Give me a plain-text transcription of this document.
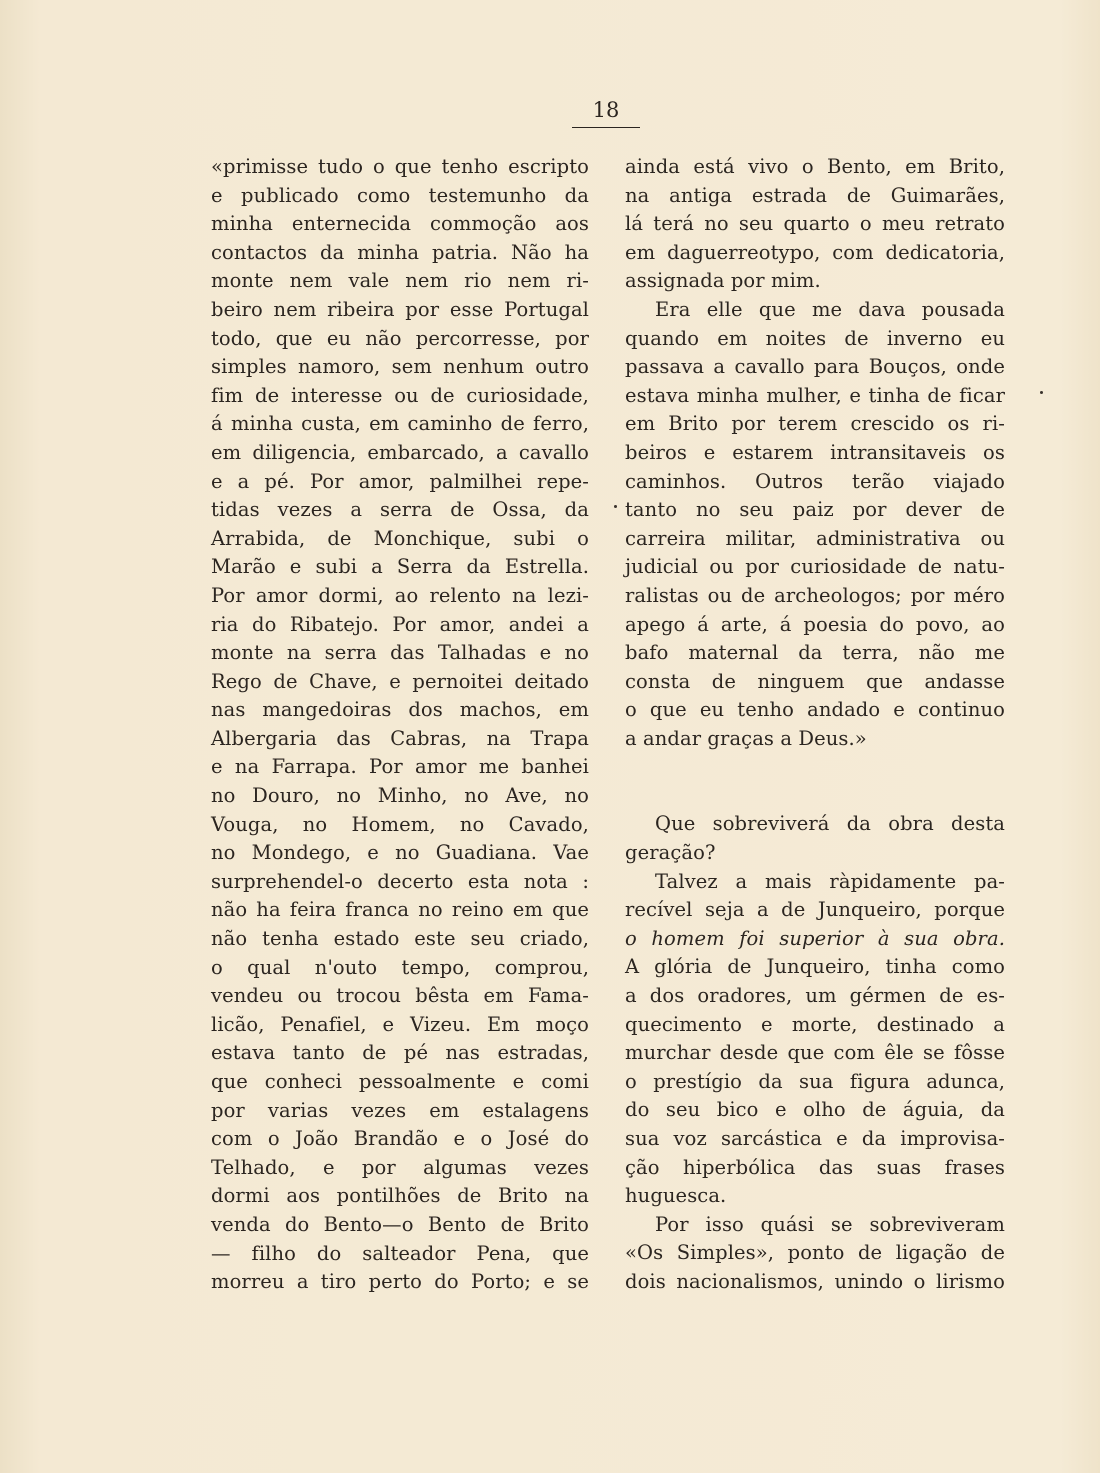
18
«primisse tudo o que tenho escripto
e publicado como testemunho da
minha enternecida commoção aos
contactos da minha patria. Não ha
monte nem vale nem rio nem ri-
beiro nem ribeira por esse Portugal
todo, que eu não percorresse, por
simples namoro, sem nenhum outro
fim de interesse ou de curiosidade,
á minha custa, em caminho de ferro,
em diligencia, embarcado, a cavallo
e a pé. Por amor, palmilhei repe-
tidas vezes a serra de Ossa, da
Arrabida, de Monchique, subi o
Marão e subi a Serra da Estrella.
Por amor dormi, ao relento na lezi-
ria do Ribatejo. Por amor, andei a
monte na serra das Talhadas e no
Rego de Chave, e pernoitei deitado
nas mangedoiras dos machos, em
Albergaria das Cabras, na Trapa
e na Farrapa. Por amor me banhei
no Douro, no Minho, no Ave, no
Vouga, no Homem, no Cavado,
no Mondego, e no Guadiana. Vae
surprehendel-o decerto esta nota :
não ha feira franca no reino em que
não tenha estado este seu criado,
o qual n'outo tempo, comprou,
vendeu ou trocou bêsta em Fama-
licão, Penafiel, e Vizeu. Em moço
estava tanto de pé nas estradas,
que conheci pessoalmente e comi
por varias vezes em estalagens
com o João Brandão e o José do
Telhado, e por algumas vezes
dormi aos pontilhões de Brito na
venda do Bento—o Bento de Brito
— filho do salteador Pena, que
morreu a tiro perto do Porto; e se
ainda está vivo o Bento, em Brito,
na antiga estrada de Guimarães,
lá terá no seu quarto o meu retrato
em daguerreotypo, com dedicatoria,
assignada por mim.
Era elle que me dava pousada
quando em noites de inverno eu
passava a cavallo para Bouços, onde
estava minha mulher, e tinha de ficar
em Brito por terem crescido os ri-
beiros e estarem intransitaveis os
caminhos. Outros terão viajado
tanto no seu paiz por dever de
carreira militar, administrativa ou
judicial ou por curiosidade de natu-
ralistas ou de archeologos; por méro
apego á arte, á poesia do povo, ao
bafo maternal da terra, não me
consta de ninguem que andasse
o que eu tenho andado e continuo
a andar graças a Deus.»
Que sobreviverá da obra desta
geração?
Talvez a mais ràpidamente pa-
recível seja a de Junqueiro, porque
o homem foi superior à sua obra.
A glória de Junqueiro, tinha como
a dos oradores, um gérmen de es-
quecimento e morte, destinado a
murchar desde que com êle se fôsse
o prestígio da sua figura adunca,
do seu bico e olho de águia, da
sua voz sarcástica e da improvisa-
ção hiperbólica das suas frases
huguesca.
Por isso quási se sobreviveram
«Os Simples», ponto de ligação de
dois nacionalismos, unindo o lirismo
